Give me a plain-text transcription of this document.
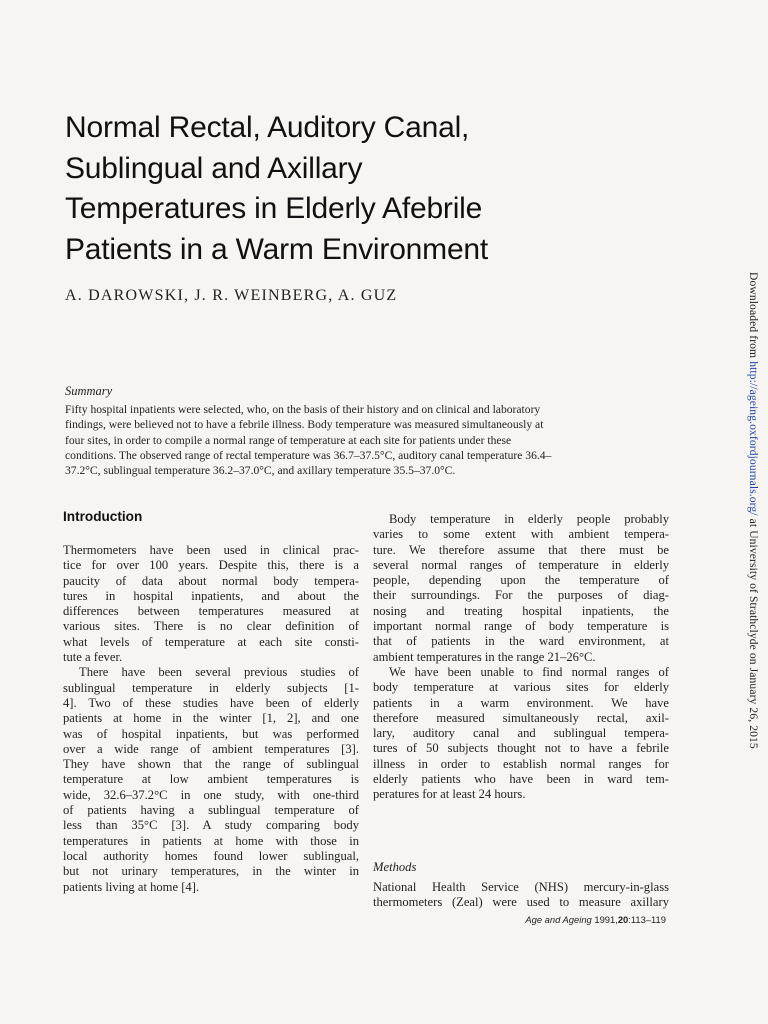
Normal Rectal, Auditory Canal,
Sublingual and Axillary
Temperatures in Elderly Afebrile
Patients in a Warm Environment
A. DAROWSKI, J. R. WEINBERG, A. GUZ
Summary
Fifty hospital inpatients were selected, who, on the basis of their history and on clinical and laboratory
findings, were believed not to have a febrile illness. Body temperature was measured simultaneously at
four sites, in order to compile a normal range of temperature at each site for patients under these
conditions. The observed range of rectal temperature was 36.7–37.5°C, auditory canal temperature 36.4–
37.2°C, sublingual temperature 36.2–37.0°C, and axillary temperature 35.5–37.0°C.
Introduction
Thermometers have been used in clinical prac-
tice for over 100 years. Despite this, there is a
paucity of data about normal body tempera-
tures in hospital inpatients, and about the
differences between temperatures measured at
various sites. There is no clear definition of
what levels of temperature at each site consti-
tute a fever.
There have been several previous studies of
sublingual temperature in elderly subjects [1-
4]. Two of these studies have been of elderly
patients at home in the winter [1, 2], and one
was of hospital inpatients, but was performed
over a wide range of ambient temperatures [3].
They have shown that the range of sublingual
temperature at low ambient temperatures is
wide, 32.6–37.2°C in one study, with one-third
of patients having a sublingual temperature of
less than 35°C [3]. A study comparing body
temperatures in patients at home with those in
local authority homes found lower sublingual,
but not urinary temperatures, in the winter in
patients living at home [4].
Body temperature in elderly people probably
varies to some extent with ambient tempera-
ture. We therefore assume that there must be
several normal ranges of temperature in elderly
people, depending upon the temperature of
their surroundings. For the purposes of diag-
nosing and treating hospital inpatients, the
important normal range of body temperature is
that of patients in the ward environment, at
ambient temperatures in the range 21–26°C.
We have been unable to find normal ranges of
body temperature at various sites for elderly
patients in a warm environment. We have
therefore measured simultaneously rectal, axil-
lary, auditory canal and sublingual tempera-
tures of 50 subjects thought not to have a febrile
illness in order to establish normal ranges for
elderly patients who have been in ward tem-
peratures for at least 24 hours.
Methods
National Health Service (NHS) mercury-in-glass
thermometers (Zeal) were used to measure axillary
Age and Ageing 1991,20:113–119
Downloaded from http://ageing.oxfordjournals.org/ at University of Strathclyde on January 26, 2015
